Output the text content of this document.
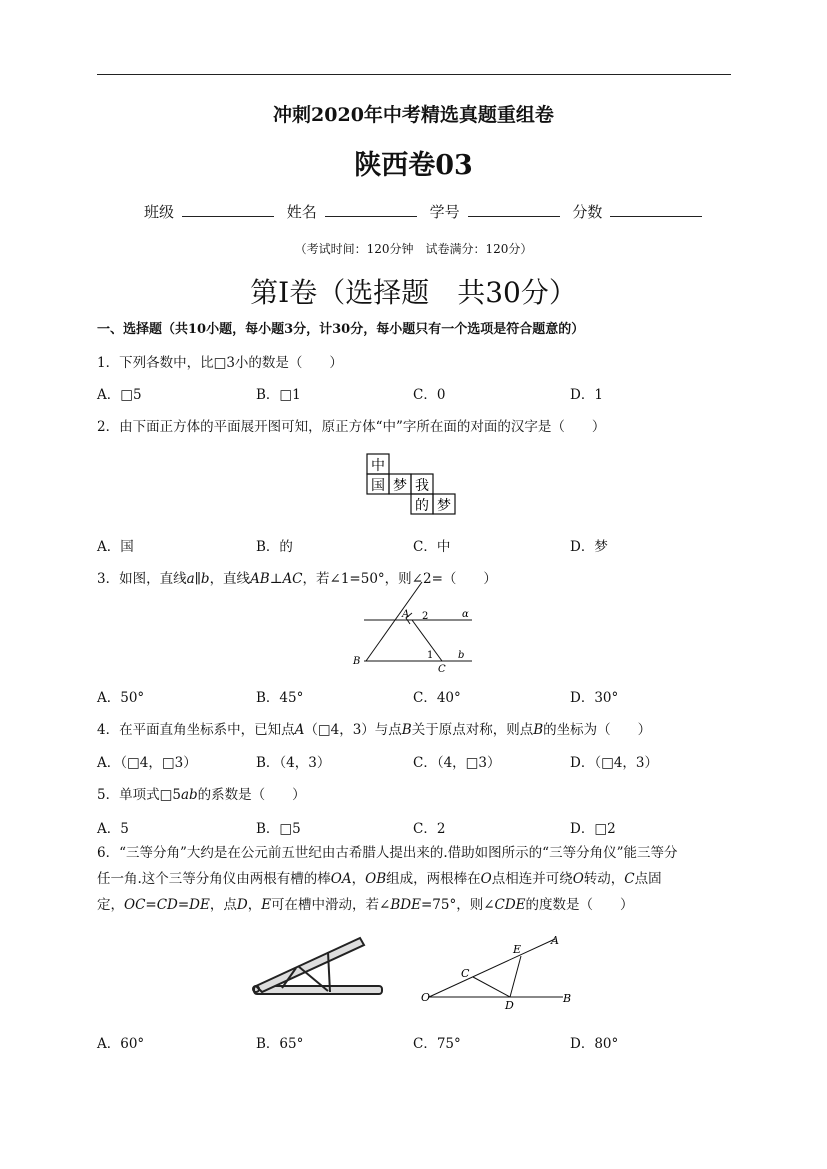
冲刺2020年中考精选真题重组卷
陕西卷03
班级	姓名	学号	分数
（考试时间：120分钟　试卷满分：120分）
第Ⅰ卷（选择题　共30分）
一、选择题（共10小题，每小题3分，计30分，每小题只有一个选项是符合题意的）
1．下列各数中，比□3小的数是（　　）
A．□5	B．□1	C．0	D．1
2．由下面正方体的平面展开图可知，原正方体“中”字所在面的对面的汉字是（　　）
中
国 梦 我
的 梦
A．国	B．的	C．中	D．梦
3．如图，直线a∥b，直线AB⊥AC，若∠1=50°，则∠2=（　　）
A 2	α
B
1 b
C
A．50°	B．45°	C．40°	D．30°
4．在平面直角坐标系中，已知点A（□4，3）与点B关于原点对称，则点B的坐标为（　　）
A．（□4，□3）	B．（4，3）	C．（4，□3）	D．（□4，3）
5．单项式□5ab的系数是（　　）
A．5	B．□5	C．2	D．□2
6．“三等分角”大约是在公元前五世纪由古希腊人提出来的.借助如图所示的“三等分角仪”能三等分
任一角.这个三等分角仪由两根有槽的棒OA，OB组成，两根棒在O点相连并可绕O转动，C点固
定，OC=CD=DE，点D，E可在槽中滑动，若∠BDE=75°，则∠CDE的度数是（　　）
E
A
C
O
D
B
A．60°	B．65°	C．75°	D．80°
